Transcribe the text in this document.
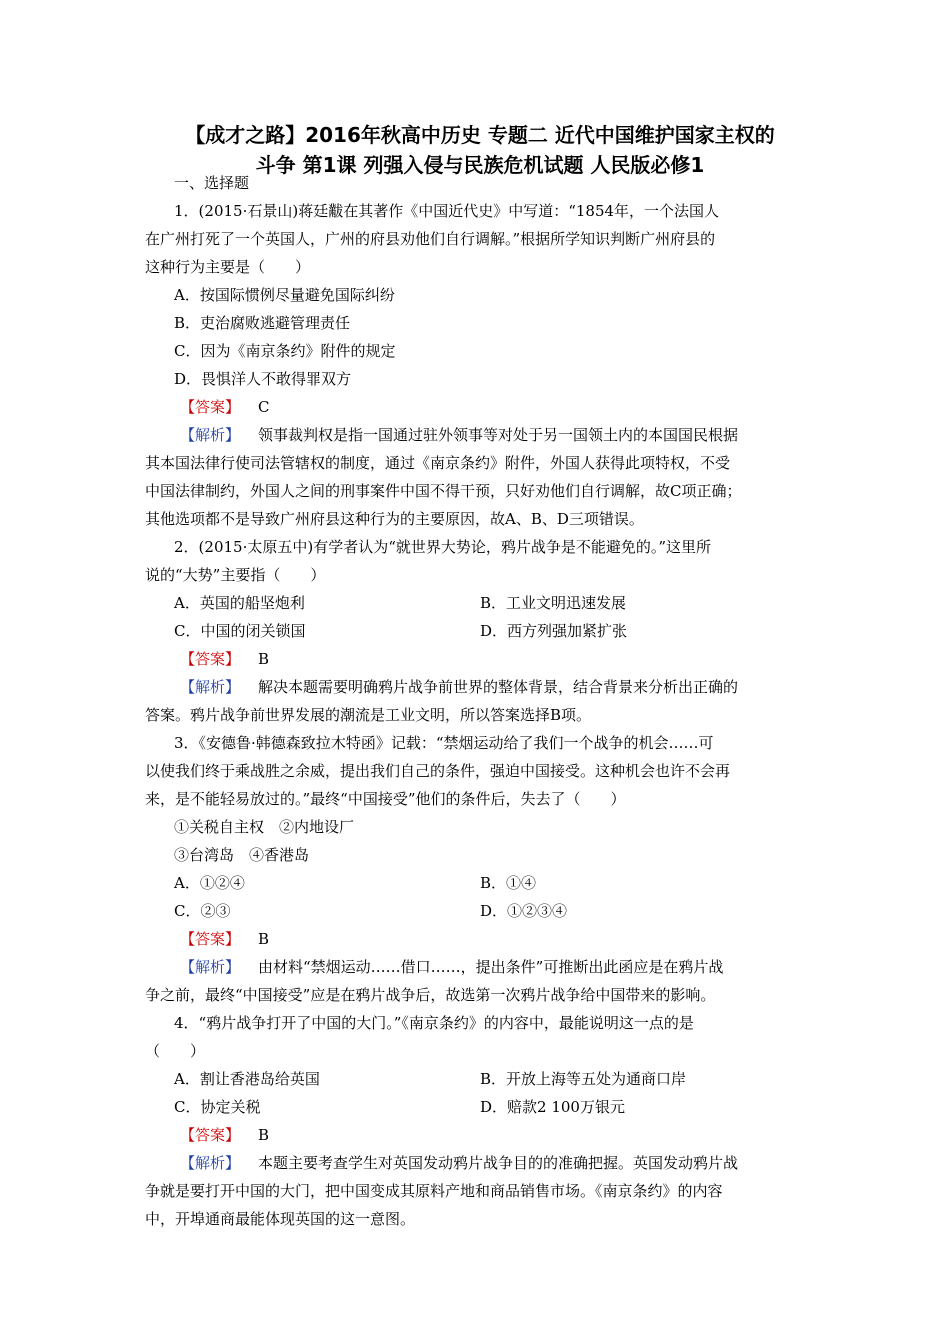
【成才之路】2016年秋高中历史 专题二 近代中国维护国家主权的
斗争 第1课 列强入侵与民族危机试题 人民版必修1
一、选择题
1．(2015·石景山)蒋廷黻在其著作《中国近代史》中写道：“1854年，一个法国人
在广州打死了一个英国人，广州的府县劝他们自行调解。”根据所学知识判断广州府县的
这种行为主要是（　　）
A．按国际惯例尽量避免国际纠纷
B．吏治腐败逃避管理责任
C．因为《南京条约》附件的规定
D．畏惧洋人不敢得罪双方
【答案】 C
【解析】 领事裁判权是指一国通过驻外领事等对处于另一国领土内的本国国民根据
其本国法律行使司法管辖权的制度，通过《南京条约》附件，外国人获得此项特权，不受
中国法律制约，外国人之间的刑事案件中国不得干预，只好劝他们自行调解，故C项正确；
其他选项都不是导致广州府县这种行为的主要原因，故A、B、D三项错误。
2．(2015·太原五中)有学者认为“就世界大势论，鸦片战争是不能避免的。”这里所
说的“大势”主要指（　　）
A．英国的船坚炮利	B．工业文明迅速发展
C．中国的闭关锁国	D．西方列强加紧扩张
【答案】 B
【解析】 解决本题需要明确鸦片战争前世界的整体背景，结合背景来分析出正确的
答案。鸦片战争前世界发展的潮流是工业文明，所以答案选择B项。
3．《安德鲁·韩德森致拉木特函》记载：“禁烟运动给了我们一个战争的机会……可
以使我们终于乘战胜之余威，提出我们自己的条件，强迫中国接受。这种机会也许不会再
来，是不能轻易放过的。”最终“中国接受”他们的条件后，失去了（　　）
①关税自主权　②内地设厂
③台湾岛　④香港岛
A．①②④	B．①④
C．②③	D．①②③④
【答案】 B
【解析】 由材料“禁烟运动……借口……，提出条件”可推断出此函应是在鸦片战
争之前，最终“中国接受”应是在鸦片战争后，故选第一次鸦片战争给中国带来的影响。
4．“鸦片战争打开了中国的大门。”《南京条约》的内容中，最能说明这一点的是
（　　）
A．割让香港岛给英国	B．开放上海等五处为通商口岸
C．协定关税	D．赔款2 100万银元
【答案】 B
【解析】 本题主要考查学生对英国发动鸦片战争目的的准确把握。英国发动鸦片战
争就是要打开中国的大门，把中国变成其原料产地和商品销售市场。《南京条约》的内容
中，开埠通商最能体现英国的这一意图。
